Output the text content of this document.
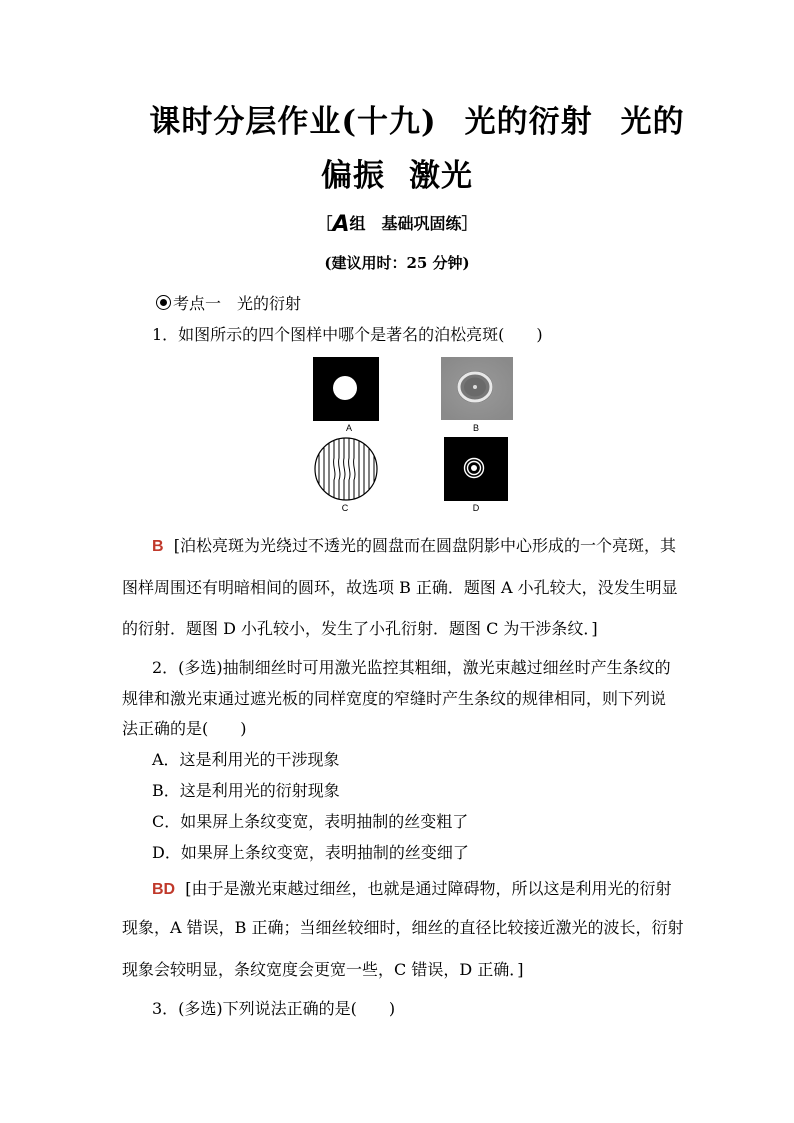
课时分层作业(十九) 光的衍射 光的
偏振 激光
［A组　基础巩固练］
(建议用时：25 分钟)
考点一　光的衍射
1．如图所示的四个图样中哪个是著名的泊松亮斑(　　)
A	B
C	D
B [泊松亮斑为光绕过不透光的圆盘而在圆盘阴影中心形成的一个亮斑，其
图样周围还有明暗相间的圆环，故选项 B 正确．题图 A 小孔较大，没发生明显
的衍射．题图 D 小孔较小，发生了小孔衍射．题图 C 为干涉条纹．]
2．(多选)抽制细丝时可用激光监控其粗细，激光束越过细丝时产生条纹的
规律和激光束通过遮光板的同样宽度的窄缝时产生条纹的规律相同，则下列说
法正确的是(　　)
A．这是利用光的干涉现象
B．这是利用光的衍射现象
C．如果屏上条纹变宽，表明抽制的丝变粗了
D．如果屏上条纹变宽，表明抽制的丝变细了
BD [由于是激光束越过细丝，也就是通过障碍物，所以这是利用光的衍射
现象，A 错误，B 正确；当细丝较细时，细丝的直径比较接近激光的波长，衍射
现象会较明显，条纹宽度会更宽一些，C 错误，D 正确．]
3．(多选)下列说法正确的是(　　)
